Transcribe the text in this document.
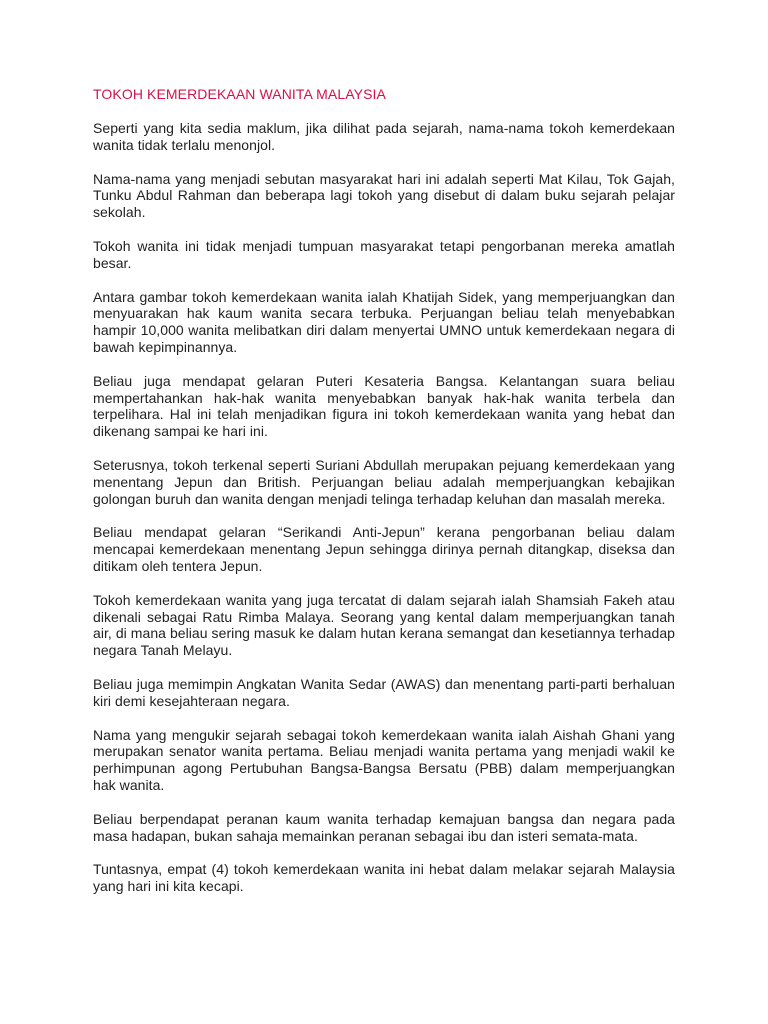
TOKOH KEMERDEKAAN WANITA MALAYSIA

Seperti yang kita sedia maklum, jika dilihat pada sejarah, nama-nama tokoh kemerdekaan wanita tidak terlalu menonjol.

Nama-nama yang menjadi sebutan masyarakat hari ini adalah seperti Mat Kilau, Tok Gajah, Tunku Abdul Rahman dan beberapa lagi tokoh yang disebut di dalam buku sejarah pelajar sekolah.

Tokoh wanita ini tidak menjadi tumpuan masyarakat tetapi pengorbanan mereka amatlah besar.

Antara gambar tokoh kemerdekaan wanita ialah Khatijah Sidek, yang memperjuangkan dan menyuarakan hak kaum wanita secara terbuka. Perjuangan beliau telah menyebabkan hampir 10,000 wanita melibatkan diri dalam menyertai UMNO untuk kemerdekaan negara di bawah kepimpinannya.

Beliau juga mendapat gelaran Puteri Kesateria Bangsa. Kelantangan suara beliau mempertahankan hak-hak wanita menyebabkan banyak hak-hak wanita terbela dan terpelihara. Hal ini telah menjadikan figura ini tokoh kemerdekaan wanita yang hebat dan dikenang sampai ke hari ini.

Seterusnya, tokoh terkenal seperti Suriani Abdullah merupakan pejuang kemerdekaan yang menentang Jepun dan British. Perjuangan beliau adalah memperjuangkan kebajikan golongan buruh dan wanita dengan menjadi telinga terhadap keluhan dan masalah mereka.

Beliau mendapat gelaran “Serikandi Anti-Jepun” kerana pengorbanan beliau dalam mencapai kemerdekaan menentang Jepun sehingga dirinya pernah ditangkap, diseksa dan ditikam oleh tentera Jepun.

Tokoh kemerdekaan wanita yang juga tercatat di dalam sejarah ialah Shamsiah Fakeh atau dikenali sebagai Ratu Rimba Malaya. Seorang yang kental dalam memperjuangkan tanah air, di mana beliau sering masuk ke dalam hutan kerana semangat dan kesetiannya terhadap negara Tanah Melayu.

Beliau juga memimpin Angkatan Wanita Sedar (AWAS) dan menentang parti-parti berhaluan kiri demi kesejahteraan negara.

Nama yang mengukir sejarah sebagai tokoh kemerdekaan wanita ialah Aishah Ghani yang merupakan senator wanita pertama. Beliau menjadi wanita pertama yang menjadi wakil ke perhimpunan agong Pertubuhan Bangsa-Bangsa Bersatu (PBB) dalam memperjuangkan hak wanita.

Beliau berpendapat peranan kaum wanita terhadap kemajuan bangsa dan negara pada masa hadapan, bukan sahaja memainkan peranan sebagai ibu dan isteri semata-mata.

Tuntasnya, empat (4) tokoh kemerdekaan wanita ini hebat dalam melakar sejarah Malaysia yang hari ini kita kecapi.
